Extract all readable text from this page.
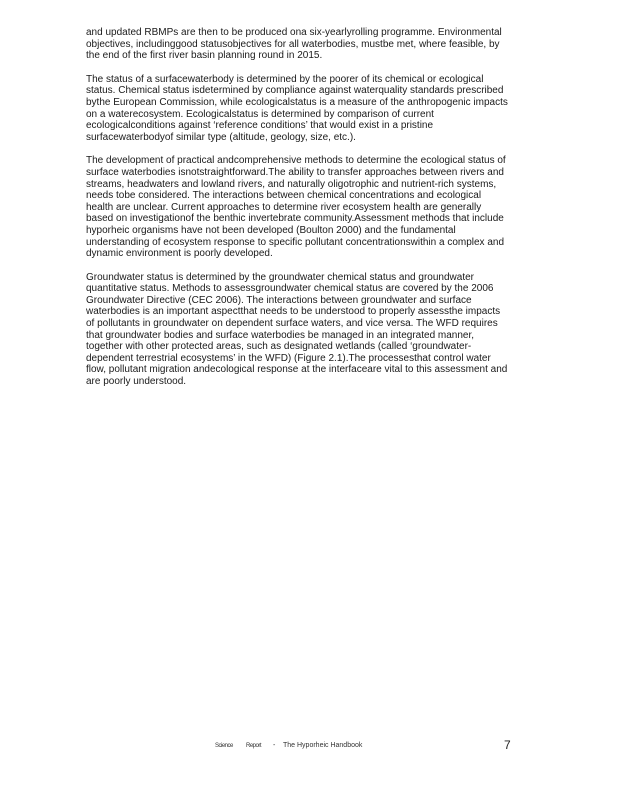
and updated RBMPs are then to be produced ona six-yearlyrolling programme. Environmental objectives, includinggood statusobjectives for all waterbodies, mustbe met, where feasible, by the end of the first river basin planning round in 2015.

The status of a surfacewaterbody is determined by the poorer of its chemical or ecological status. Chemical status isdetermined by compliance against waterquality standards prescribed bythe European Commission, while ecologicalstatus is a measure of the anthropogenic impacts on a waterecosystem. Ecologicalstatus is determined by comparison of current ecologicalconditions against ‘reference conditions’ that would exist in a pristine surfacewaterbodyof similar type (altitude, geology, size, etc.).

The development of practical andcomprehensive methods to determine the ecological status of surface waterbodies isnotstraightforward.The ability to transfer approaches between rivers and streams, headwaters and lowland rivers, and naturally oligotrophic and nutrient-rich systems, needs tobe considered. The interactions between chemical concentrations and ecological health are unclear. Current approaches to determine river ecosystem health are generally based on investigationof the benthic invertebrate community.Assessment methods that include hyporheic organisms have not been developed (Boulton 2000) and the fundamental understanding of ecosystem response to specific pollutant concentrationswithin a complex and dynamic environment is poorly developed.

Groundwater status is determined by the groundwater chemical status and groundwater quantitative status. Methods to assessgroundwater chemical status are covered by the 2006 Groundwater Directive (CEC 2006). The interactions between groundwater and surface waterbodies is an important aspectthat needs to be understood to properly assessthe impacts of pollutants in groundwater on dependent surface waters, and vice versa. The WFD requires that groundwater bodies and surface waterbodies be managed in an integrated manner, together with other protected areas, such as designated wetlands (called ‘groundwater-dependent terrestrial ecosystems’ in the WFD) (Figure 2.1).The processesthat control water flow, pollutant migration andecological response at the interfaceare vital to this assessment and are poorly understood.

Science Report - The Hyporheic Handbook	7
